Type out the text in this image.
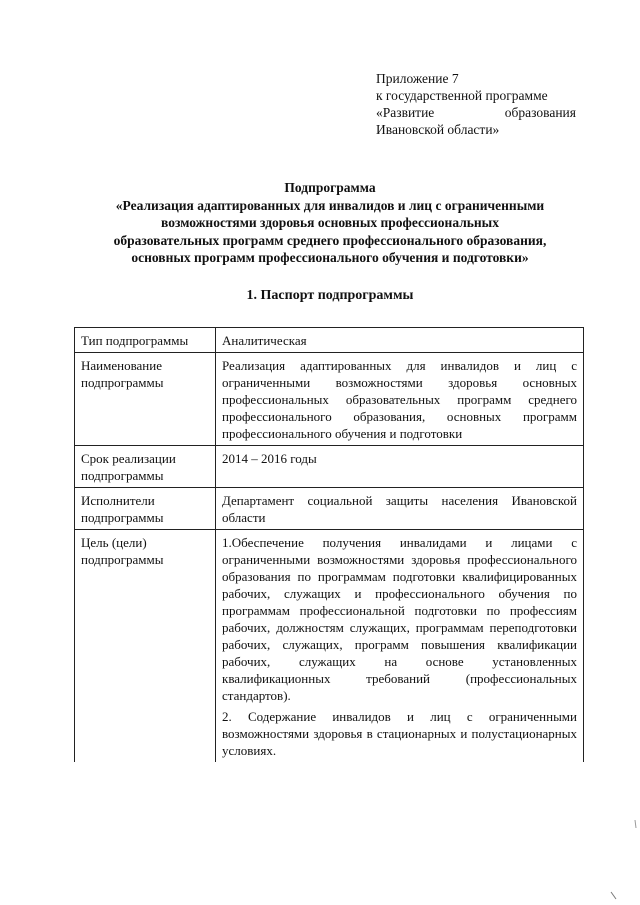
Приложение 7
к государственной программе
«Развитие образования
Ивановской области»
Подпрограмма
«Реализация адаптированных для инвалидов и лиц с ограниченными
возможностями здоровья основных профессиональных
образовательных программ среднего профессионального образования,
основных программ профессионального обучения и подготовки»
1. Паспорт подпрограммы
Тип подпрограммы	Аналитическая

Наименование подпрограммы	Реализация адаптированных для инвалидов и лиц с ограниченными возможностями здоровья основных профессиональных образовательных программ среднего профессионального образования, основных программ профессионального обучения и подготовки

Срок реализации подпрограммы	2014 – 2016 годы

Исполнители подпрограммы	Департамент социальной защиты населения Ивановской области

Цель (цели) подпрограммы	1.Обеспечение получения инвалидами и лицами с ограниченными возможностями здоровья профессионального образования по программам подготовки квалифицированных рабочих, служащих и профессионального обучения по программам профессиональной подготовки по профессиям рабочих, должностям служащих, программам переподготовки рабочих, служащих, программ повышения квалификации рабочих, служащих на основе установленных квалификационных требований (профессиональных стандартов).

2. Содержание инвалидов и лиц с ограниченными возможностями здоровья в стационарных и полустационарных условиях.
